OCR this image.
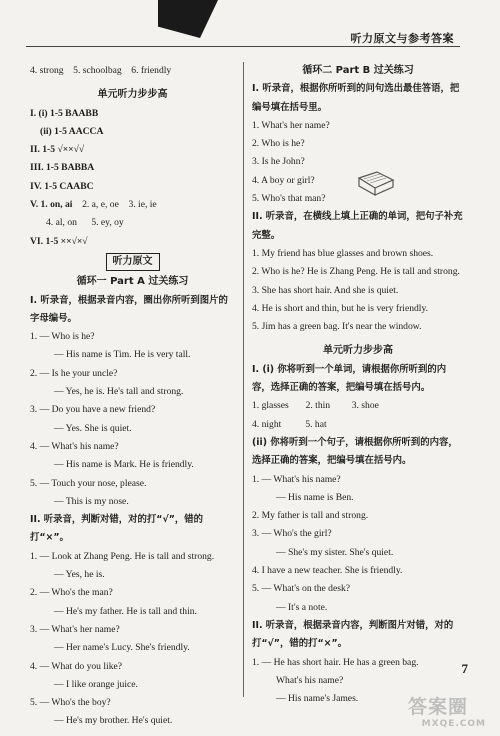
听力原文与参考答案
4. strong 5. schoolbag 6. friendly
单元听力步步高
I. (i) 1-5 BAABB
(ii) 1-5 AACCA
II. 1-5 √××√√
III. 1-5 BABBA
IV. 1-5 CAABC
V. 1. on, ai 2. a, e, oe 3. ie, ie
4. al, on 5. ey, oy
VI. 1-5 ××√×√
听力原文
循环一 Part A 过关练习
I. 听录音，根据录音内容，圈出你所听到图片的字母编号。
1. — Who is he?
— His name is Tim. He is very tall.
2. — Is he your uncle?
— Yes, he is. He's tall and strong.
3. — Do you have a new friend?
— Yes. She is quiet.
4. — What's his name?
— His name is Mark. He is friendly.
5. — Touch your nose, please.
— This is my nose.
II. 听录音，判断对错，对的打“√”，错的打“×”。
1. — Look at Zhang Peng. He is tall and strong.
— Yes, he is.
2. — Who's the man?
— He's my father. He is tall and thin.
3. — What's her name?
— Her name's Lucy. She's friendly.
4. — What do you like?
— I like orange juice.
5. — Who's the boy?
— He's my brother. He's quiet.
循环二 Part B 过关练习
I. 听录音，根据你所听到的问句选出最佳答语，把编号填在括号里。
1. What's her name?
2. Who is he?
3. Is he John?
4. A boy or girl?
5. Who's that man?
II. 听录音，在横线上填上正确的单词，把句子补充完整。
1. My friend has blue glasses and brown shoes.
2. Who is he? He is Zhang Peng. He is tall and strong.
3. She has short hair. And she is quiet.
4. He is short and thin, but he is very friendly.
5. Jim has a green bag. It's near the window.
单元听力步步高
I. (i) 你将听到一个单词，请根据你所听到的内容，选择正确的答案，把编号填在括号内。
1. glasses 2. thin 3. shoe
4. night 5. hat
(ii) 你将听到一个句子，请根据你所听到的内容，选择正确的答案，把编号填在括号内。
1. — What's his name?
— His name is Ben.
2. My father is tall and strong.
3. — Who's the girl?
— She's my sister. She's quiet.
4. I have a new teacher. She is friendly.
5. — What's on the desk?
— It's a note.
II. 听录音，根据录音内容，判断图片对错，对的打“√”，错的打“×”。
1. — He has short hair. He has a green bag.
What's his name?
— His name's James.
7
答案圈
MXQE.COM
